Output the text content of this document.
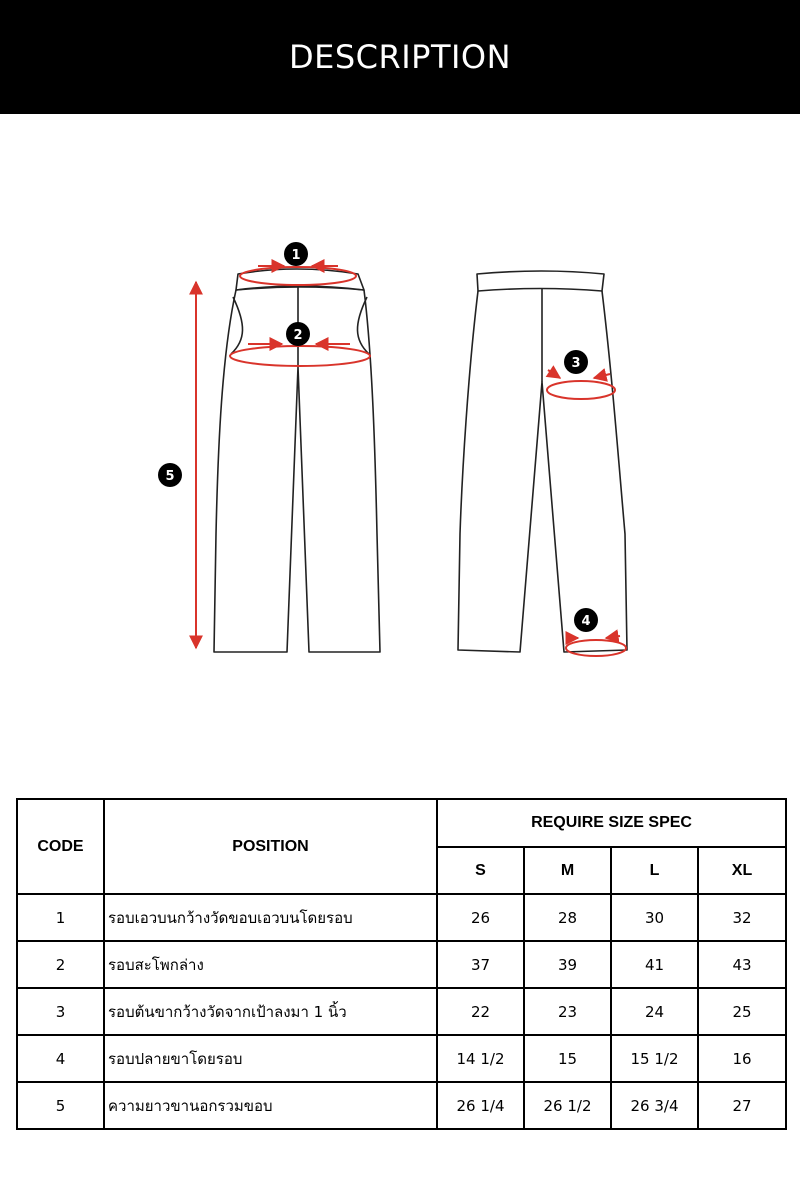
DESCRIPTION
1
2
3
4
5
CODE	POSITION	REQUIRE SIZE SPEC			
		S	M	L	XL
1	รอบเอวบนกว้างวัดขอบเอวบนโดยรอบ	26	28	30	32
2	รอบสะโพกล่าง	37	39	41	43
3	รอบต้นขากว้างวัดจากเป้าลงมา 1 นิ้ว	22	23	24	25
4	รอบปลายขาโดยรอบ	14 1/2	15	15 1/2	16
5	ความยาวขานอกรวมขอบ	26 1/4	26 1/2	26 3/4	27
